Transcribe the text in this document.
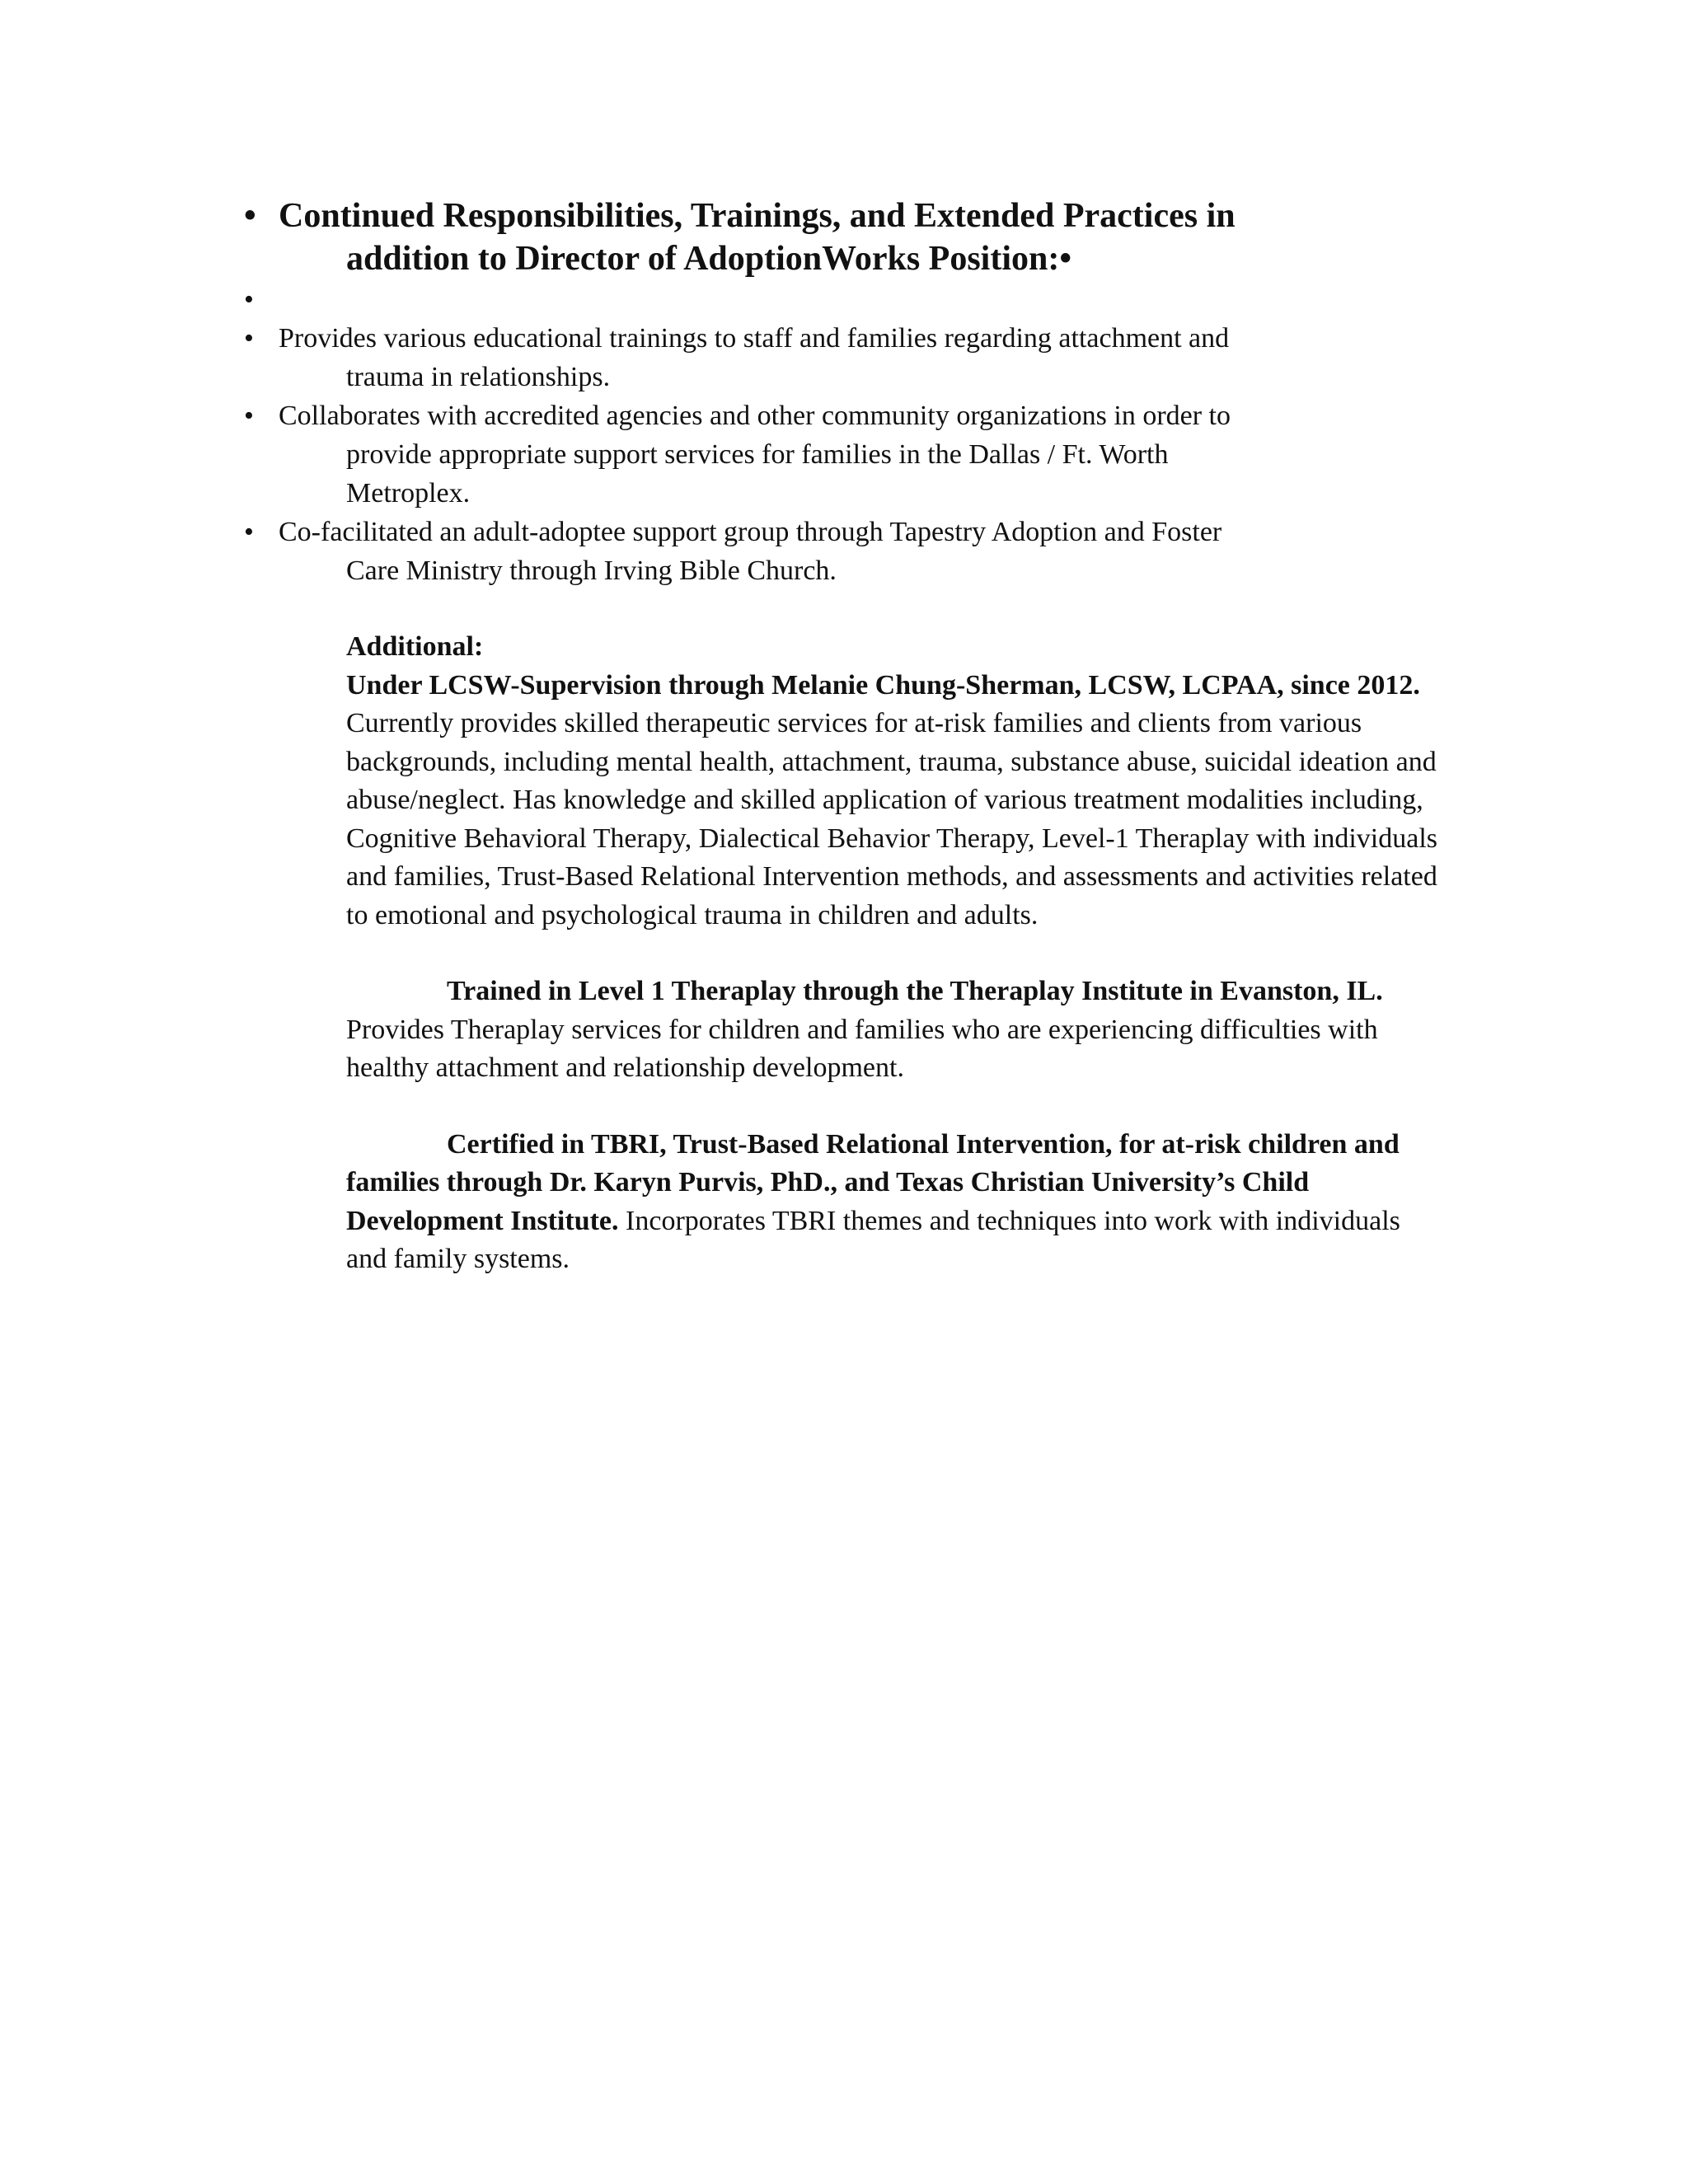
• Continued Responsibilities, Trainings, and Extended Practices in
addition to Director of AdoptionWorks Position:•
•
• Provides various educational trainings to staff and families regarding attachment and
trauma in relationships.
• Collaborates with accredited agencies and other community organizations in order to
provide appropriate support services for families in the Dallas / Ft. Worth
Metroplex.
• Co-facilitated an adult-adoptee support group through Tapestry Adoption and Foster
Care Ministry through Irving Bible Church.

Additional:

Under LCSW-Supervision through Melanie Chung-Sherman, LCSW, LCPAA, since 2012. Currently provides skilled therapeutic services for at-risk families and clients from various backgrounds, including mental health, attachment, trauma, substance abuse, suicidal ideation and abuse/neglect. Has knowledge and skilled application of various treatment modalities including, Cognitive Behavioral Therapy, Dialectical Behavior Therapy, Level-1 Theraplay with individuals and families, Trust-Based Relational Intervention methods, and assessments and activities related to emotional and psychological trauma in children and adults.

Trained in Level 1 Theraplay through the Theraplay Institute in Evanston, IL. Provides Theraplay services for children and families who are experiencing difficulties with healthy attachment and relationship development.

Certified in TBRI, Trust-Based Relational Intervention, for at-risk children and families through Dr. Karyn Purvis, PhD., and Texas Christian University’s Child Development Institute. Incorporates TBRI themes and techniques into work with individuals and family systems.
